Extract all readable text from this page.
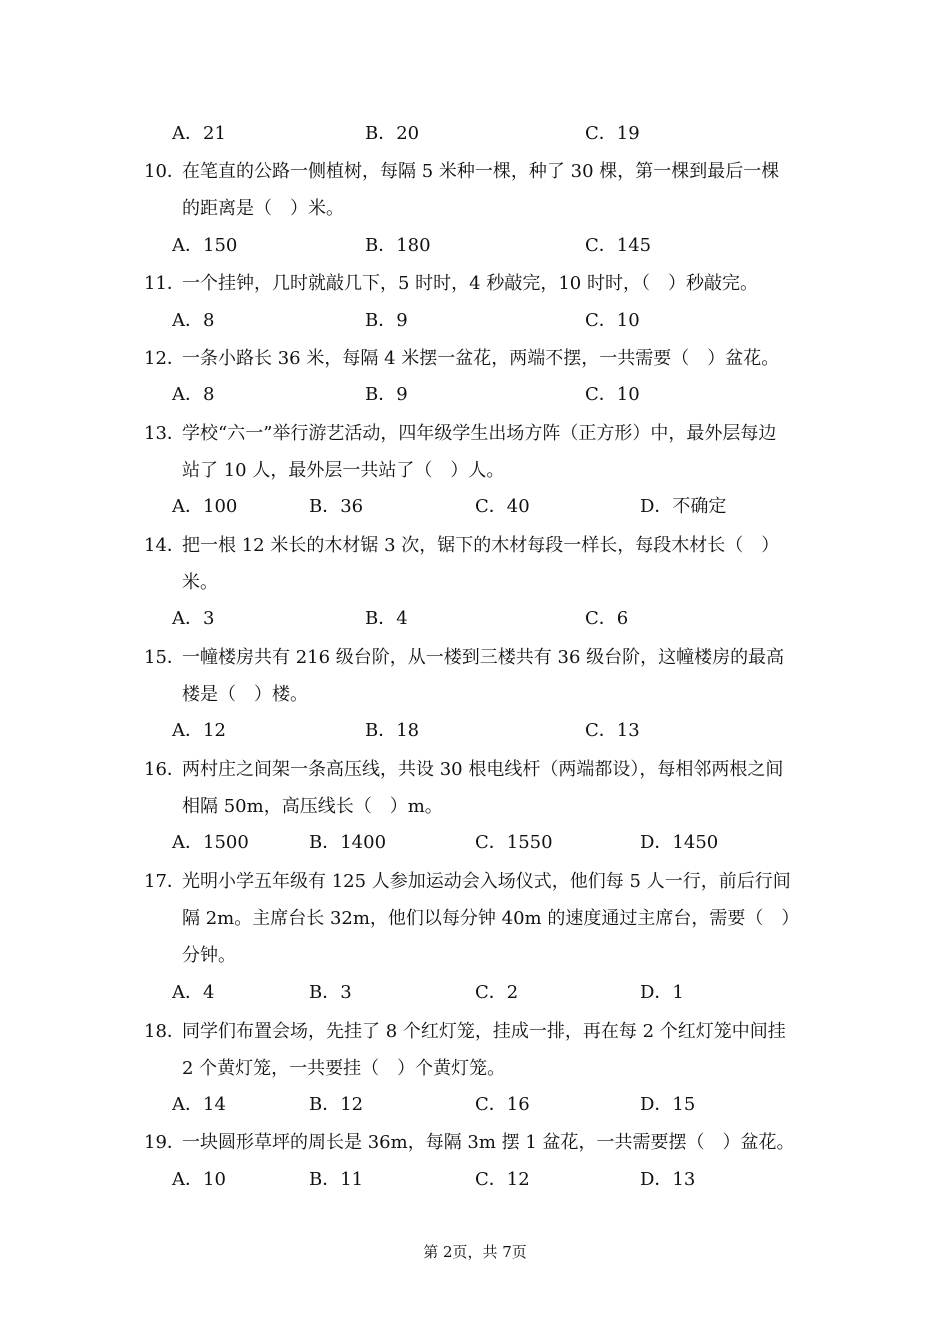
A．21	B．20	C．19
10．
在笔直的公路一侧植树，每隔 5 米种一棵，种了 30 棵，第一棵到最后一棵
的距离是（　）米。
A．150	B．180	C．145
11．
一个挂钟，几时就敲几下，5 时时，4 秒敲完，10 时时，（　）秒敲完。
A．8	B．9	C．10
12．
一条小路长 36 米，每隔 4 米摆一盆花，两端不摆，一共需要（　）盆花。
A．8	B．9	C．10
13．
学校“六一”举行游艺活动，四年级学生出场方阵（正方形）中，最外层每边
站了 10 人，最外层一共站了（　）人。
A．100	B．36	C．40	D．不确定
14．
把一根 12 米长的木材锯 3 次，锯下的木材每段一样长，每段木材长（　）
米。
A．3	B．4	C．6
15．
一幢楼房共有 216 级台阶，从一楼到三楼共有 36 级台阶，这幢楼房的最高
楼是（　）楼。
A．12	B．18	C．13
16．
两村庄之间架一条高压线，共设 30 根电线杆（两端都设），每相邻两根之间
相隔 50m，高压线长（　）m。
A．1500	B．1400	C．1550	D．1450
17．
光明小学五年级有 125 人参加运动会入场仪式，他们每 5 人一行，前后行间
隔 2m。主席台长 32m，他们以每分钟 40m 的速度通过主席台，需要（　）
分钟。
A．4	B．3	C．2	D．1
18．
同学们布置会场，先挂了 8 个红灯笼，挂成一排，再在每 2 个红灯笼中间挂
2 个黄灯笼，一共要挂（　）个黄灯笼。
A．14	B．12	C．16	D．15
19．
一块圆形草坪的周长是 36m，每隔 3m 摆 1 盆花，一共需要摆（　）盆花。
A．10	B．11	C．12	D．13
第 2页，共 7页
